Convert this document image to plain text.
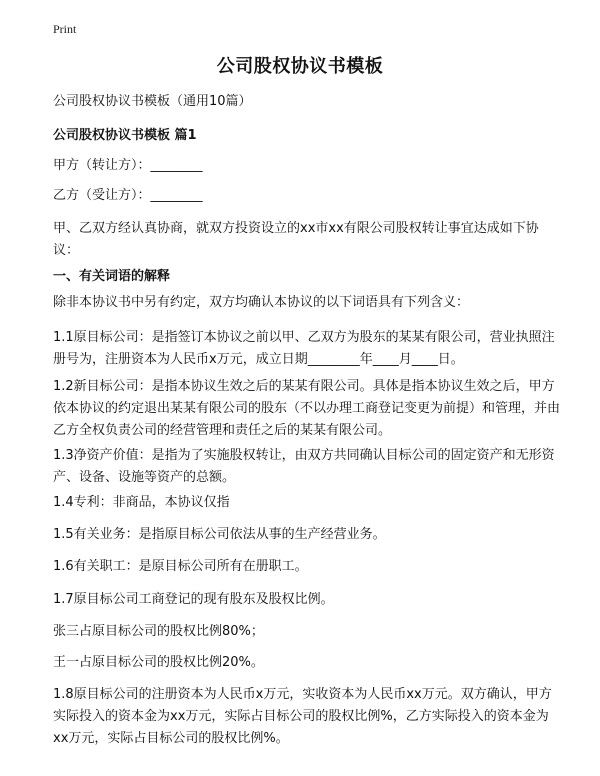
Print
公司股权协议书模板

公司股权协议书模板（通用10篇）

公司股权协议书模板 篇1

甲方（转让方）：________

乙方（受让方）：________

甲、乙双方经认真协商，就双方投资设立的xx市xx有限公司股权转让事宜达成如下协议：

一、有关词语的解释

除非本协议书中另有约定，双方均确认本协议的以下词语具有下列含义：

1.1原目标公司：是指签订本协议之前以甲、乙双方为股东的某某有限公司，营业执照注册号为，注册资本为人民币x万元，成立日期________年____月____日。

1.2新目标公司：是指本协议生效之后的某某有限公司。具体是指本协议生效之后，甲方依本协议的约定退出某某有限公司的股东（不以办理工商登记变更为前提）和管理，并由乙方全权负责公司的经营管理和责任之后的某某有限公司。

1.3净资产价值：是指为了实施股权转让，由双方共同确认目标公司的固定资产和无形资产、设备、设施等资产的总额。

1.4专利：非商品，本协议仅指

1.5有关业务：是指原目标公司依法从事的生产经营业务。

1.6有关职工：是原目标公司所有在册职工。

1.7原目标公司工商登记的现有股东及股权比例。

张三占原目标公司的股权比例80%；

王一占原目标公司的股权比例20%。

1.8原目标公司的注册资本为人民币x万元，实收资本为人民币xx万元。双方确认，甲方实际投入的资本金为xx万元，实际占目标公司的股权比例%，乙方实际投入的资本金为xx万元，实际占目标公司的股权比例%。
